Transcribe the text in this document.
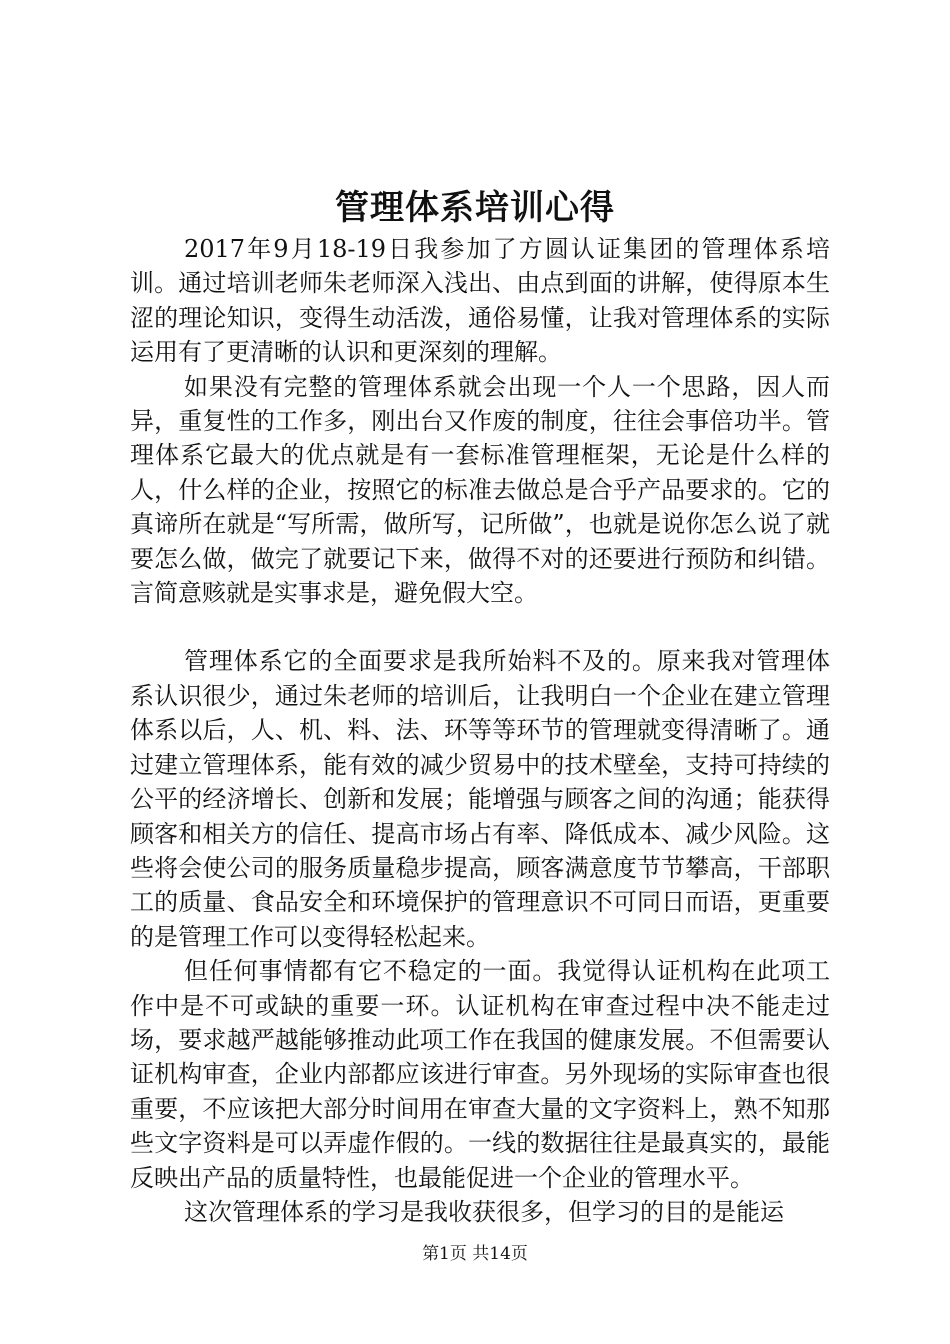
管理体系培训心得

2017年9月18-19日我参加了方圆认证集团的管理体系培训。通过培训老师朱老师深入浅出、由点到面的讲解，使得原本生涩的理论知识，变得生动活泼，通俗易懂，让我对管理体系的实际运用有了更清晰的认识和更深刻的理解。

如果没有完整的管理体系就会出现一个人一个思路，因人而异，重复性的工作多，刚出台又作废的制度，往往会事倍功半。管理体系它最大的优点就是有一套标准管理框架，无论是什么样的人，什么样的企业，按照它的标准去做总是合乎产品要求的。它的真谛所在就是“写所需，做所写，记所做”，也就是说你怎么说了就要怎么做，做完了就要记下来，做得不对的还要进行预防和纠错。言简意赅就是实事求是，避免假大空。

管理体系它的全面要求是我所始料不及的。原来我对管理体系认识很少，通过朱老师的培训后，让我明白一个企业在建立管理体系以后，人、机、料、法、环等等环节的管理就变得清晰了。通过建立管理体系，能有效的减少贸易中的技术壁垒，支持可持续的公平的经济增长、创新和发展；能增强与顾客之间的沟通；能获得顾客和相关方的信任、提高市场占有率、降低成本、减少风险。这些将会使公司的服务质量稳步提高，顾客满意度节节攀高，干部职工的质量、食品安全和环境保护的管理意识不可同日而语，更重要的是管理工作可以变得轻松起来。

但任何事情都有它不稳定的一面。我觉得认证机构在此项工作中是不可或缺的重要一环。认证机构在审查过程中决不能走过场，要求越严越能够推动此项工作在我国的健康发展。不但需要认证机构审查，企业内部都应该进行审查。另外现场的实际审查也很重要，不应该把大部分时间用在审查大量的文字资料上，熟不知那些文字资料是可以弄虚作假的。一线的数据往往是最真实的，最能反映出产品的质量特性，也最能促进一个企业的管理水平。

这次管理体系的学习是我收获很多，但学习的目的是能运

第1页 共14页
